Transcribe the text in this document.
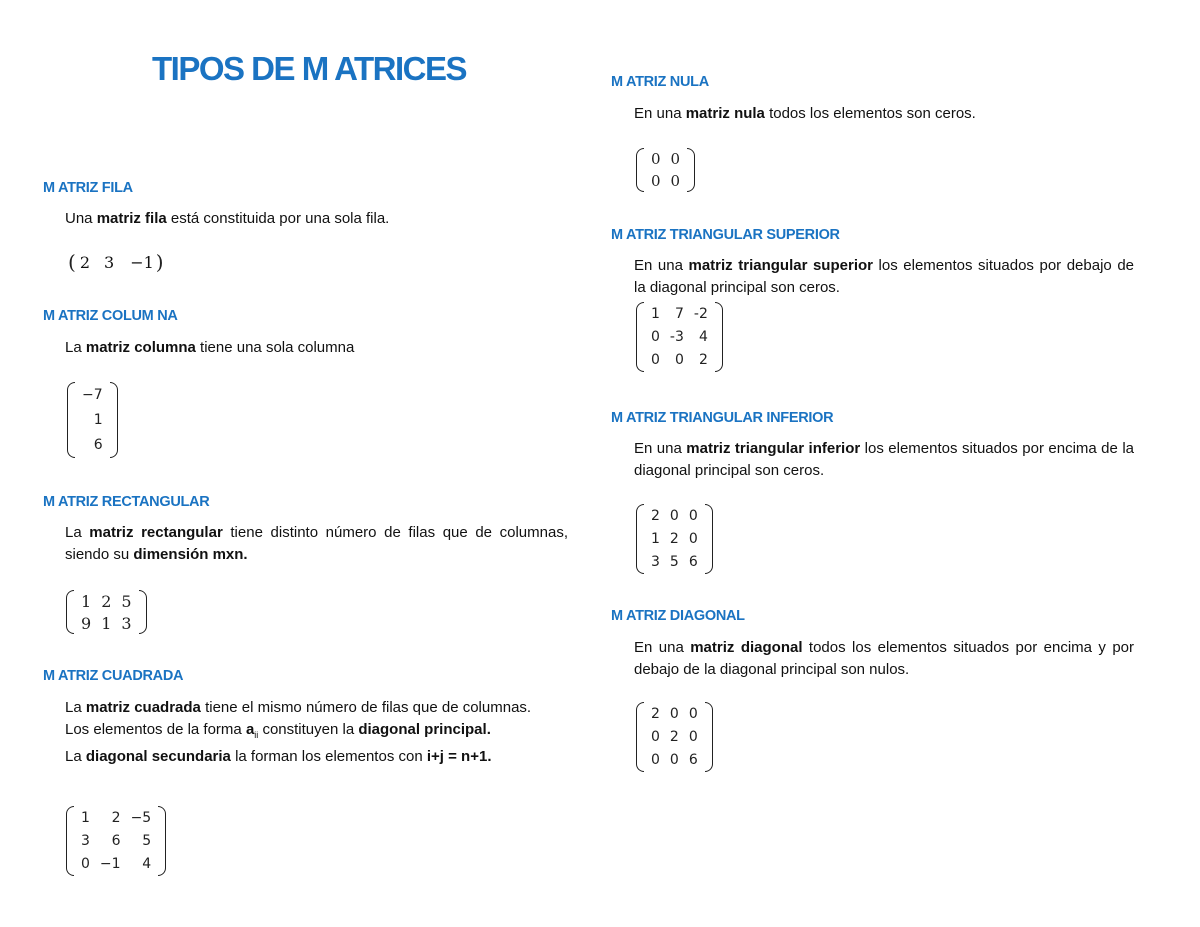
TIPOS DE M ATRICES
M ATRIZ FILA

Una matriz fila está constituida por una sola fila.

( 2 3	−1 )
M ATRIZ COLUM NA

La matriz columna tiene una sola columna

−7
1
6
M ATRIZ RECTANGULAR

La matriz rectangular tiene distinto número de filas que de columnas, siendo su dimensión mxn.

1 2 5
9 1 3
M ATRIZ CUADRADA

La matriz cuadrada tiene el mismo número de filas que de columnas.
Los elementos de la forma $a_{ii}$ constituyen la diagonal principal.
La diagonal secundaria la forman los elementos con i+j = n+1.

1	2 −5
3	6	5
0 −1	4
M ATRIZ NULA

En una matriz nula todos los elementos son ceros.

0 0
0 0
M ATRIZ TRIANGULAR SUPERIOR

En una matriz triangular superior los elementos situados por debajo de la diagonal principal son ceros.

1	7 -2
0 -3	4
0	0	2
M ATRIZ TRIANGULAR INFERIOR

En una matriz triangular inferior los elementos situados por encima de la diagonal principal son ceros.

2 0 0
1 2 0
3 5 6
M ATRIZ DIAGONAL

En una matriz diagonal todos los elementos situados por encima y por debajo de la diagonal principal son nulos.

2 0 0
0 2 0
0 0 6
